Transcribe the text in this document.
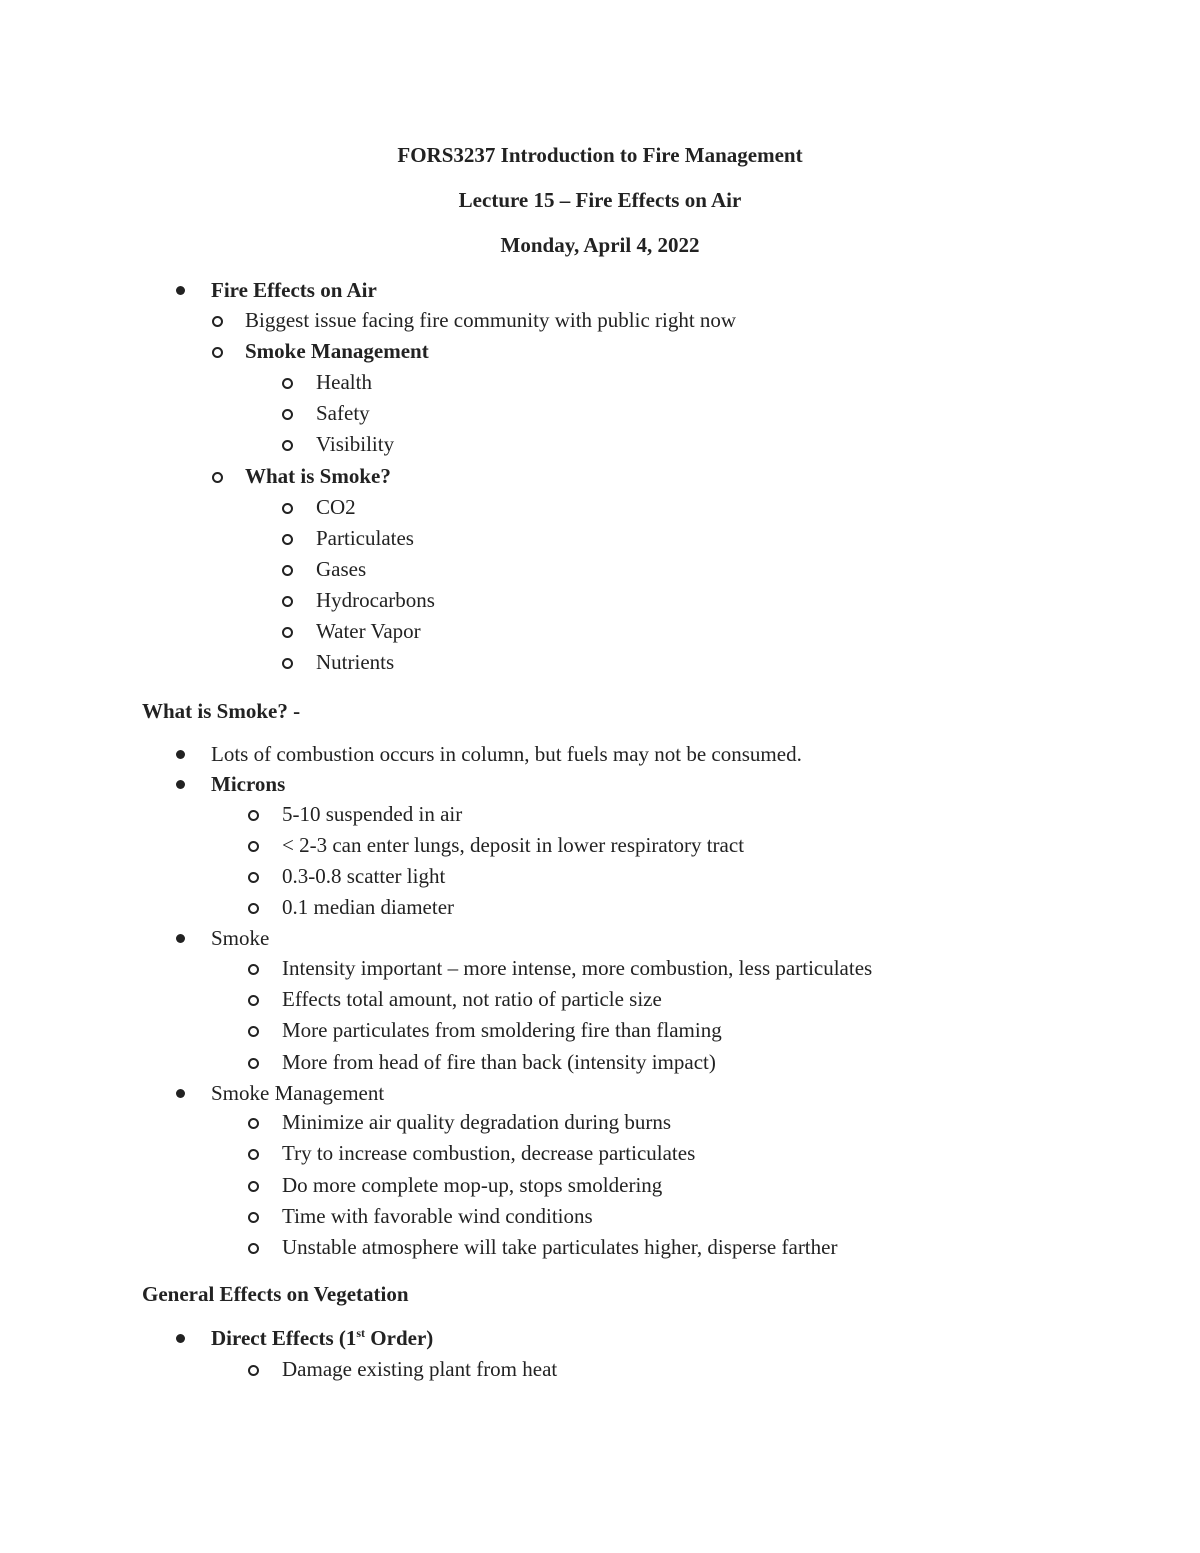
FORS3237 Introduction to Fire Management
Lecture 15 – Fire Effects on Air
Monday, April 4, 2022
Fire Effects on Air
Biggest issue facing fire community with public right now
Smoke Management
Health
Safety
Visibility
What is Smoke?
CO2
Particulates
Gases
Hydrocarbons
Water Vapor
Nutrients
What is Smoke? -
Lots of combustion occurs in column, but fuels may not be consumed.
Microns
5-10 suspended in air
< 2-3 can enter lungs, deposit in lower respiratory tract
0.3-0.8 scatter light
0.1 median diameter
Smoke
Intensity important – more intense, more combustion, less particulates
Effects total amount, not ratio of particle size
More particulates from smoldering fire than flaming
More from head of fire than back (intensity impact)
Smoke Management
Minimize air quality degradation during burns
Try to increase combustion, decrease particulates
Do more complete mop-up, stops smoldering
Time with favorable wind conditions
Unstable atmosphere will take particulates higher, disperse farther
General Effects on Vegetation
Direct Effects (1st Order)
Damage existing plant from heat
